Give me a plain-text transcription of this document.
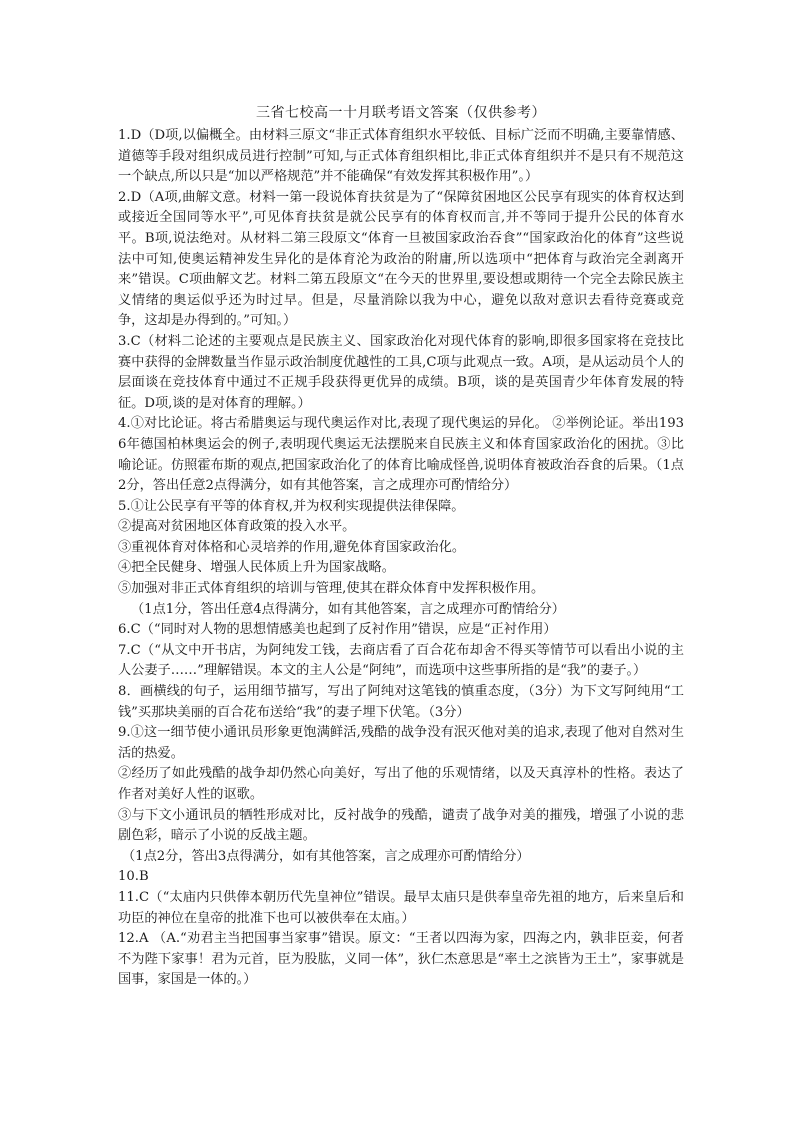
三省七校高一十月联考语文答案（仅供参考）

1.D（D项,以偏概全。由材料三原文“非正式体育组织水平较低、目标广泛而不明确,主要靠情感、道德等手段对组织成员进行控制”可知,与正式体育组织相比,非正式体育组织并不是只有不规范这一个缺点,所以只是“加以严格规范”并不能确保“有效发挥其积极作用”。）

2.D（A项,曲解文意。材料一第一段说体育扶贫是为了“保障贫困地区公民享有现实的体育权达到或接近全国同等水平”,可见体育扶贫是就公民享有的体育权而言,并不等同于提升公民的体育水平。B项,说法绝对。从材料二第三段原文“体育一旦被国家政治吞食”“国家政治化的体育”这些说法中可知,使奥运精神发生异化的是体育沦为政治的附庸,所以选项中“把体育与政治完全剥离开来”错误。C项曲解文艺。材料二第五段原文“在今天的世界里,要设想或期待一个完全去除民族主义情绪的奥运似乎还为时过早。但是，尽量消除以我为中心，避免以敌对意识去看待竞赛或竞争，这却是办得到的。”可知。）

3.C（材料二论述的主要观点是民族主义、国家政治化对现代体育的影响,即很多国家将在竞技比赛中获得的金牌数量当作显示政治制度优越性的工具,C项与此观点一致。A项，是从运动员个人的层面谈在竞技体育中通过不正规手段获得更优异的成绩。B项，谈的是英国青少年体育发展的特征。D项,谈的是对体育的理解。）

4.①对比论证。将古希腊奥运与现代奥运作对比,表现了现代奥运的异化。 ②举例论证。举出1936年德国柏林奥运会的例子,表明现代奥运无法摆脱来自民族主义和体育国家政治化的困扰。③比喻论证。仿照霍布斯的观点,把国家政治化了的体育比喻成怪兽,说明体育被政治吞食的后果。（1点2分，答出任意2点得满分，如有其他答案，言之成理亦可酌情给分）

5.①让公民享有平等的体育权,并为权利实现提供法律保障。

②提高对贫困地区体育政策的投入水平。

③重视体育对体格和心灵培养的作用,避免体育国家政治化。

④把全民健身、增强人民体质上升为国家战略。

⑤加强对非正式体育组织的培训与管理,使其在群众体育中发挥积极作用。

（1点1分，答出任意4点得满分，如有其他答案，言之成理亦可酌情给分）

6.C（“同时对人物的思想情感美也起到了反衬作用”错误，应是“正衬作用）

7.C（“从文中开书店，为阿纯发工钱，去商店看了百合花布却舍不得买等情节可以看出小说的主人公妻子……”理解错误。本文的主人公是“阿纯”，而选项中这些事所指的是“我”的妻子。）

8．画横线的句子，运用细节描写，写出了阿纯对这笔钱的慎重态度，（3分）为下文写阿纯用“工钱”买那块美丽的百合花布送给“我”的妻子埋下伏笔。（3分）

9.①这一细节使小通讯员形象更饱满鲜活,残酷的战争没有泯灭他对美的追求,表现了他对自然对生活的热爱。

②经历了如此残酷的战争却仍然心向美好，写出了他的乐观情绪，以及天真淳朴的性格。表达了作者对美好人性的讴歌。

③与下文小通讯员的牺牲形成对比，反衬战争的残酷，谴责了战争对美的摧残，增强了小说的悲剧色彩，暗示了小说的反战主题。

（1点2分，答出3点得满分，如有其他答案，言之成理亦可酌情给分）

10.B

11.C（“太庙内只供俸本朝历代先皇神位”错误。最早太庙只是供奉皇帝先祖的地方，后来皇后和功臣的神位在皇帝的批准下也可以被供奉在太庙。）

12.A （A.“劝君主当把国事当家事”错误。原文：“王者以四海为家，四海之内，孰非臣妾，何者不为陛下家事！君为元首，臣为股肱，义同一体”，狄仁杰意思是“率土之滨皆为王土”，家事就是国事，家国是一体的。）
